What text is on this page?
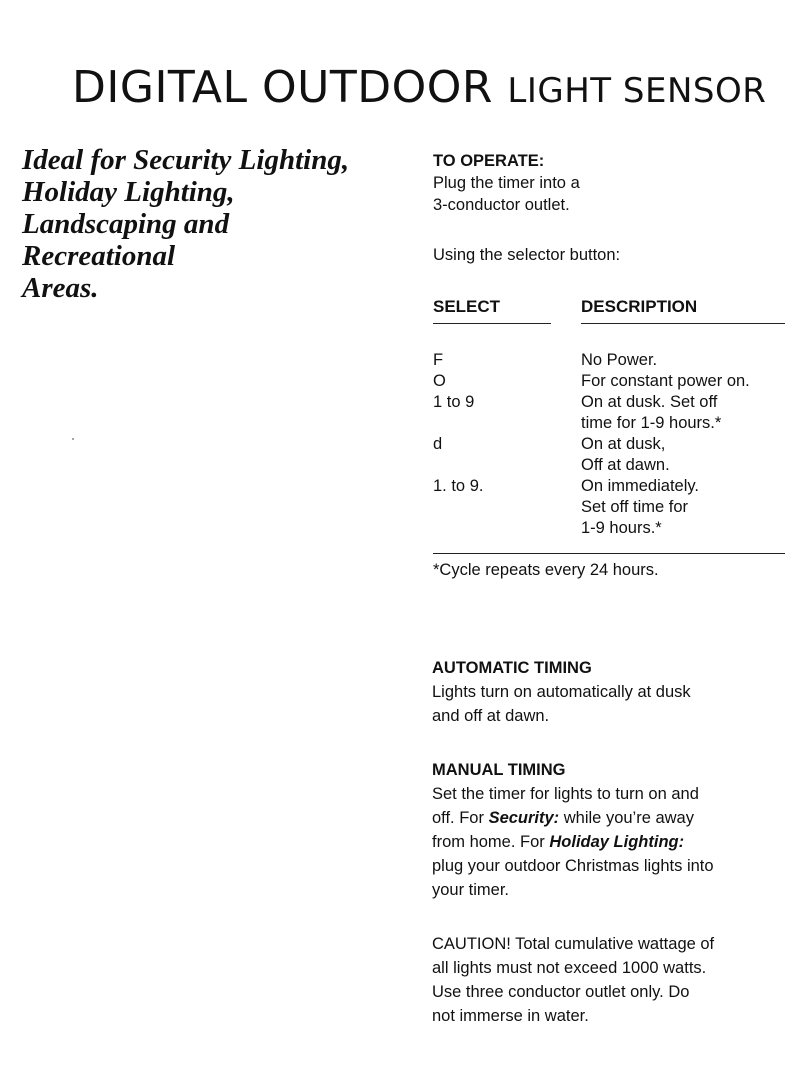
DIGITAL OUTDOOR LIGHT SENSOR
Ideal for Security Lighting,
Holiday Lighting,
Landscaping and
Recreational
Areas.
TO OPERATE:
Plug the timer into a
3-conductor outlet.
Using the selector button:
SELECT	DESCRIPTION
F	No Power.
O	For constant power on.
1 to 9	On at dusk. Set off
time for 1-9 hours.*
d	On at dusk,
Off at dawn.
1. to 9.	On immediately.
Set off time for
1-9 hours.*
*Cycle repeats every 24 hours.
AUTOMATIC TIMING
Lights turn on automatically at dusk
and off at dawn.
MANUAL TIMING
Set the timer for lights to turn on and
off. For Security: while you’re away
from home. For Holiday Lighting:
plug your outdoor Christmas lights into
your timer.
CAUTION! Total cumulative wattage of
all lights must not exceed 1000 watts.
Use three conductor outlet only. Do
not immerse in water.
